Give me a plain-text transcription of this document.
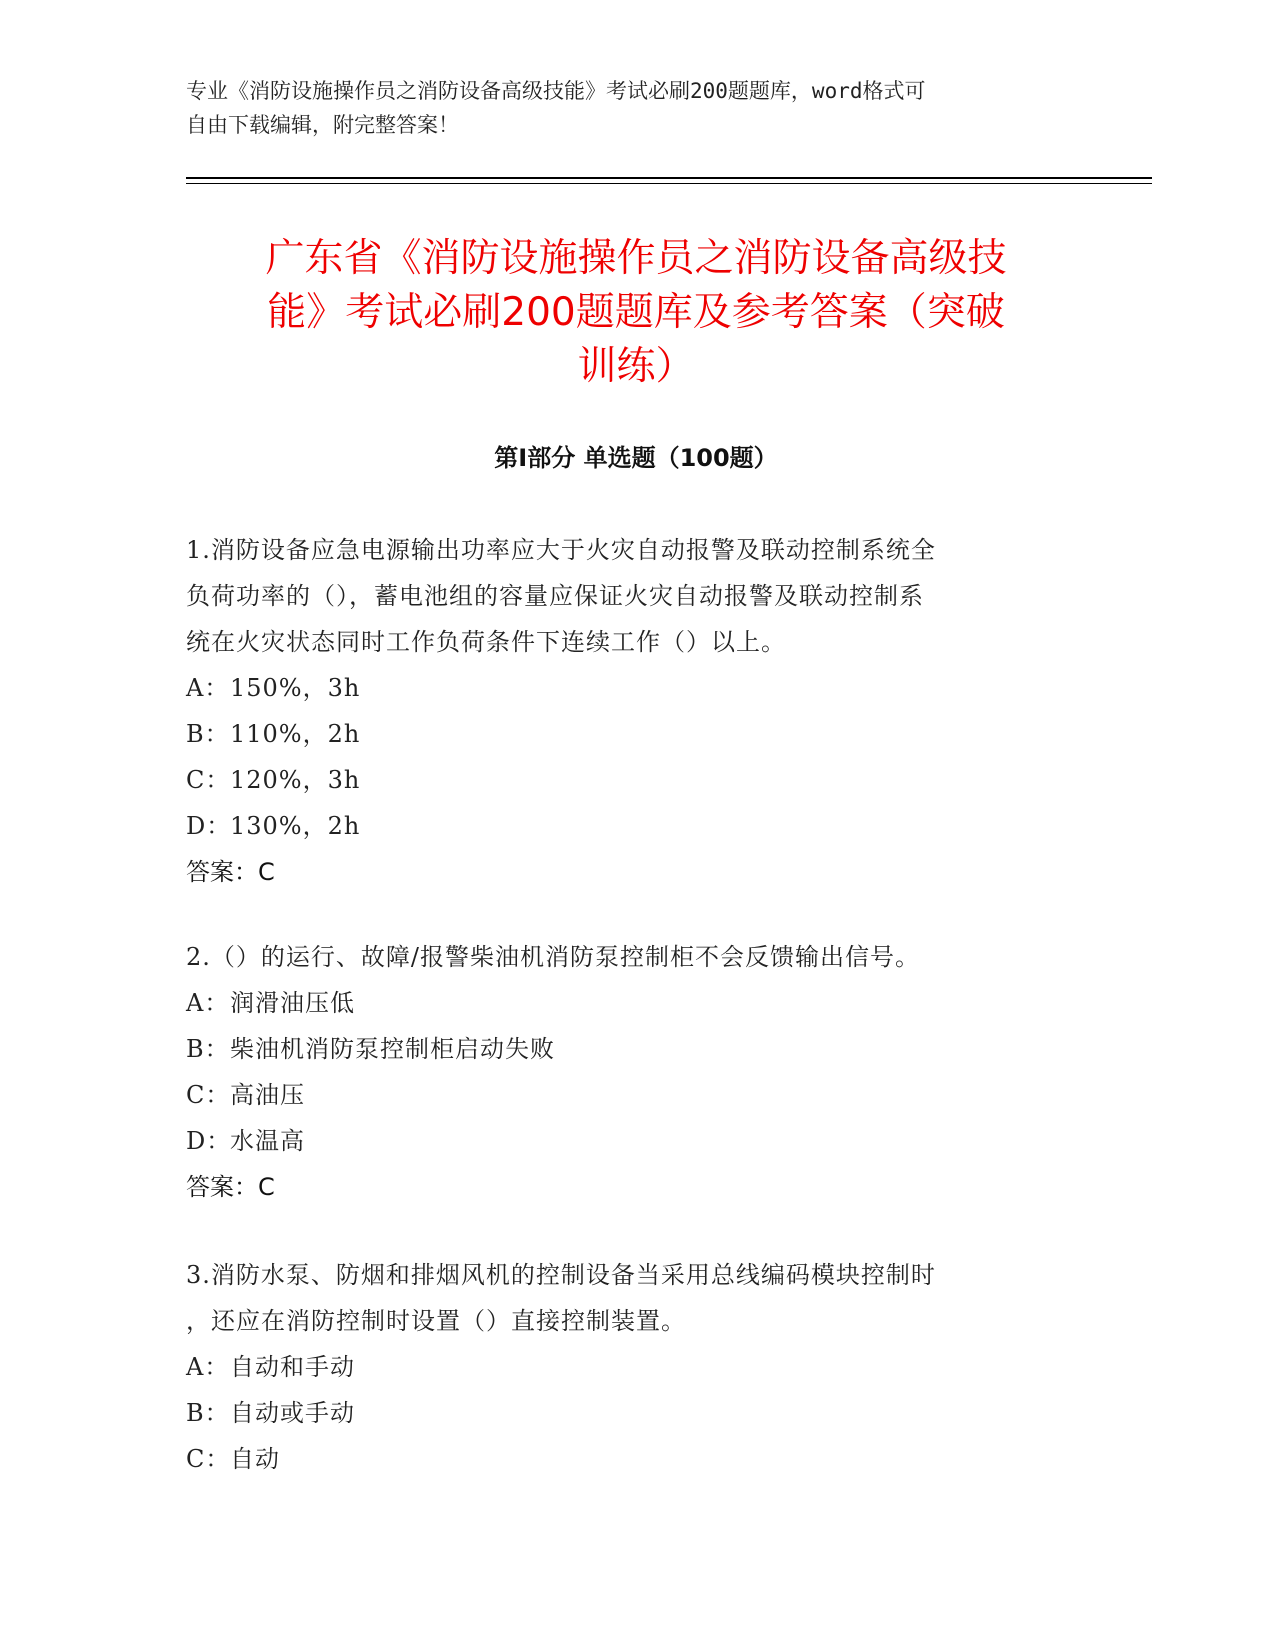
专业《消防设施操作员之消防设备高级技能》考试必刷200题题库，word格式可
自由下载编辑，附完整答案！
广东省《消防设施操作员之消防设备高级技
能》考试必刷200题题库及参考答案（突破
训练）
第Ⅰ部分 单选题（100题）

1.消防设备应急电源输出功率应大于火灾自动报警及联动控制系统全

负荷功率的（），蓄电池组的容量应保证火灾自动报警及联动控制系

统在火灾状态同时工作负荷条件下连续工作（）以上。

A：150%，3h

B：110%，2h

C：120%，3h

D：130%，2h

答案：C

2.（）的运行、故障/报警柴油机消防泵控制柜不会反馈输出信号。

A：润滑油压低

B：柴油机消防泵控制柜启动失败

C：高油压

D：水温高

答案：C

3.消防水泵、防烟和排烟风机的控制设备当采用总线编码模块控制时

，还应在消防控制时设置（）直接控制装置。

A：自动和手动

B：自动或手动

C：自动
